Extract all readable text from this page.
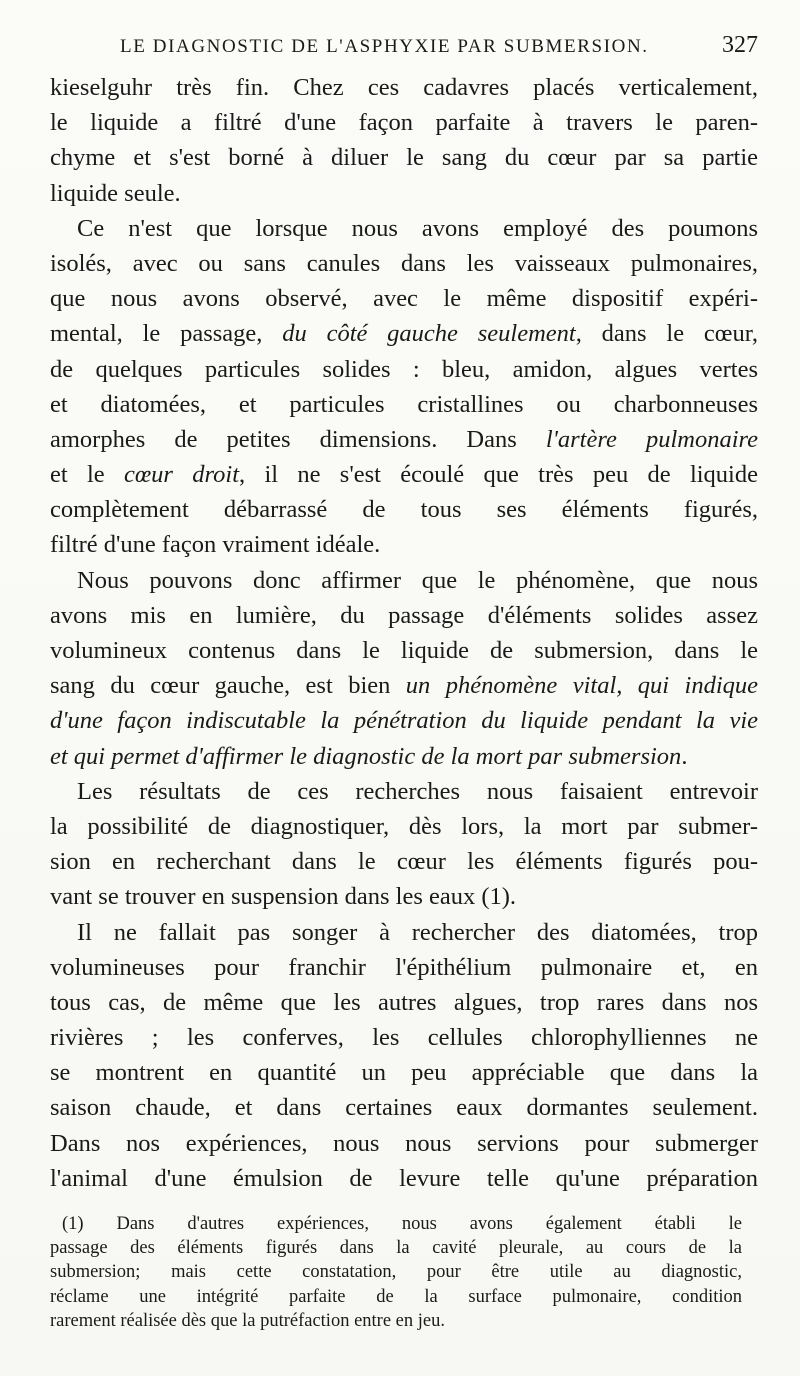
LE DIAGNOSTIC DE L'ASPHYXIE PAR SUBMERSION.	327
kieselguhr très fin. Chez ces cadavres placés verticalement,
le liquide a filtré d'une façon parfaite à travers le paren-
chyme et s'est borné à diluer le sang du cœur par sa partie
liquide seule.
Ce n'est que lorsque nous avons employé des poumons
isolés, avec ou sans canules dans les vaisseaux pulmonaires,
que nous avons observé, avec le même dispositif expéri-
mental, le passage, du côté gauche seulement, dans le cœur,
de quelques particules solides : bleu, amidon, algues vertes
et diatomées, et particules cristallines ou charbonneuses
amorphes de petites dimensions. Dans l'artère pulmonaire
et le cœur droit, il ne s'est écoulé que très peu de liquide
complètement débarrassé de tous ses éléments figurés,
filtré d'une façon vraiment idéale.
Nous pouvons donc affirmer que le phénomène, que nous
avons mis en lumière, du passage d'éléments solides assez
volumineux contenus dans le liquide de submersion, dans le
sang du cœur gauche, est bien un phénomène vital, qui indique
d'une façon indiscutable la pénétration du liquide pendant la vie
et qui permet d'affirmer le diagnostic de la mort par submersion.
Les résultats de ces recherches nous faisaient entrevoir
la possibilité de diagnostiquer, dès lors, la mort par submer-
sion en recherchant dans le cœur les éléments figurés pou-
vant se trouver en suspension dans les eaux (1).
Il ne fallait pas songer à rechercher des diatomées, trop
volumineuses pour franchir l'épithélium pulmonaire et, en
tous cas, de même que les autres algues, trop rares dans nos
rivières ; les conferves, les cellules chlorophylliennes ne
se montrent en quantité un peu appréciable que dans la
saison chaude, et dans certaines eaux dormantes seulement.
Dans nos expériences, nous nous servions pour submerger
l'animal d'une émulsion de levure telle qu'une préparation
(1) Dans d'autres expériences, nous avons également établi le
passage des éléments figurés dans la cavité pleurale, au cours de la
submersion; mais cette constatation, pour être utile au diagnostic,
réclame une intégrité parfaite de la surface pulmonaire, condition
rarement réalisée dès que la putréfaction entre en jeu.
